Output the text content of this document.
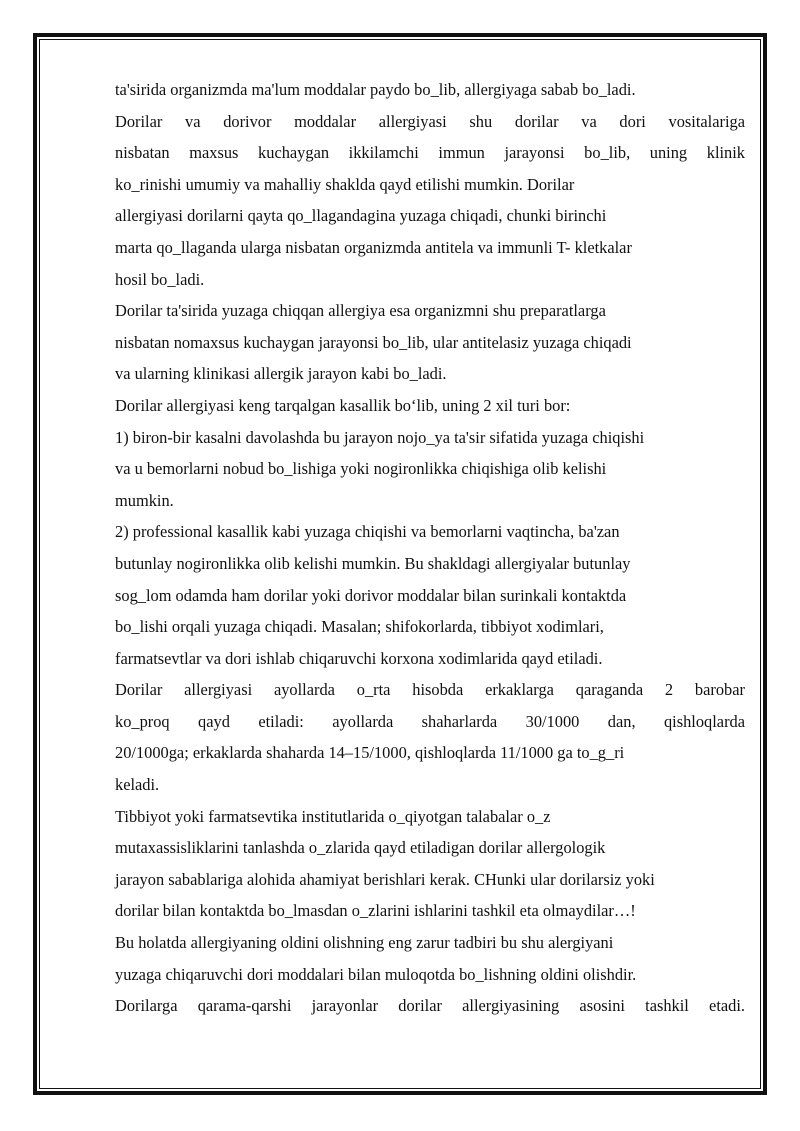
ta'sirida organizmda ma'lum moddalar paydo bo_lib, allergiyaga sabab bo_ladi.
Dorilar va dorivor moddalar allergiyasi shu dorilar va dori vositalariga
nisbatan maxsus kuchaygan ikkilamchi immun jarayonsi bo_lib, uning klinik
ko_rinishi umumiy va mahalliy shaklda qayd etilishi mumkin. Dorilar
allergiyasi dorilarni qayta qo_llagandagina yuzaga chiqadi, chunki birinchi
marta qo_llaganda ularga nisbatan organizmda antitela va immunli T- kletkalar
hosil bo_ladi.
Dorilar ta'sirida yuzaga chiqqan allergiya esa organizmni shu preparatlarga
nisbatan nomaxsus kuchaygan jarayonsi bo_lib, ular antitelasiz yuzaga chiqadi
va ularning klinikasi allergik jarayon kabi bo_ladi.
Dorilar allergiyasi keng tarqalgan kasallik bo‘lib, uning 2 xil turi bor:
1) biron-bir kasalni davolashda bu jarayon nojo_ya ta'sir sifatida yuzaga chiqishi
va u bemorlarni nobud bo_lishiga yoki nogironlikka chiqishiga olib kelishi
mumkin.
2) professional kasallik kabi yuzaga chiqishi va bemorlarni vaqtincha, ba'zan
butunlay nogironlikka olib kelishi mumkin. Bu shakldagi allergiyalar butunlay
sog_lom odamda ham dorilar yoki dorivor moddalar bilan surinkali kontaktda
bo_lishi orqali yuzaga chiqadi. Masalan; shifokorlarda, tibbiyot xodimlari,
farmatsevtlar va dori ishlab chiqaruvchi korxona xodimlarida qayd etiladi.
Dorilar allergiyasi ayollarda o_rta hisobda erkaklarga qaraganda 2 barobar
ko_proq qayd etiladi: ayollarda shaharlarda 30/1000 dan, qishloqlarda
20/1000ga; erkaklarda shaharda 14–15/1000, qishloqlarda 11/1000 ga to_g_ri
keladi.
Tibbiyot yoki farmatsevtika institutlarida o_qiyotgan talabalar o_z
mutaxassisliklarini tanlashda o_zlarida qayd etiladigan dorilar allergologik
jarayon sabablariga alohida ahamiyat berishlari kerak. CHunki ular dorilarsiz yoki
dorilar bilan kontaktda bo_lmasdan o_zlarini ishlarini tashkil eta olmaydilar…!
Bu holatda allergiyaning oldini olishning eng zarur tadbiri bu shu alergiyani
yuzaga chiqaruvchi dori moddalari bilan muloqotda bo_lishning oldini olishdir.
Dorilarga qarama-qarshi jarayonlar dorilar allergiyasining asosini tashkil etadi.
